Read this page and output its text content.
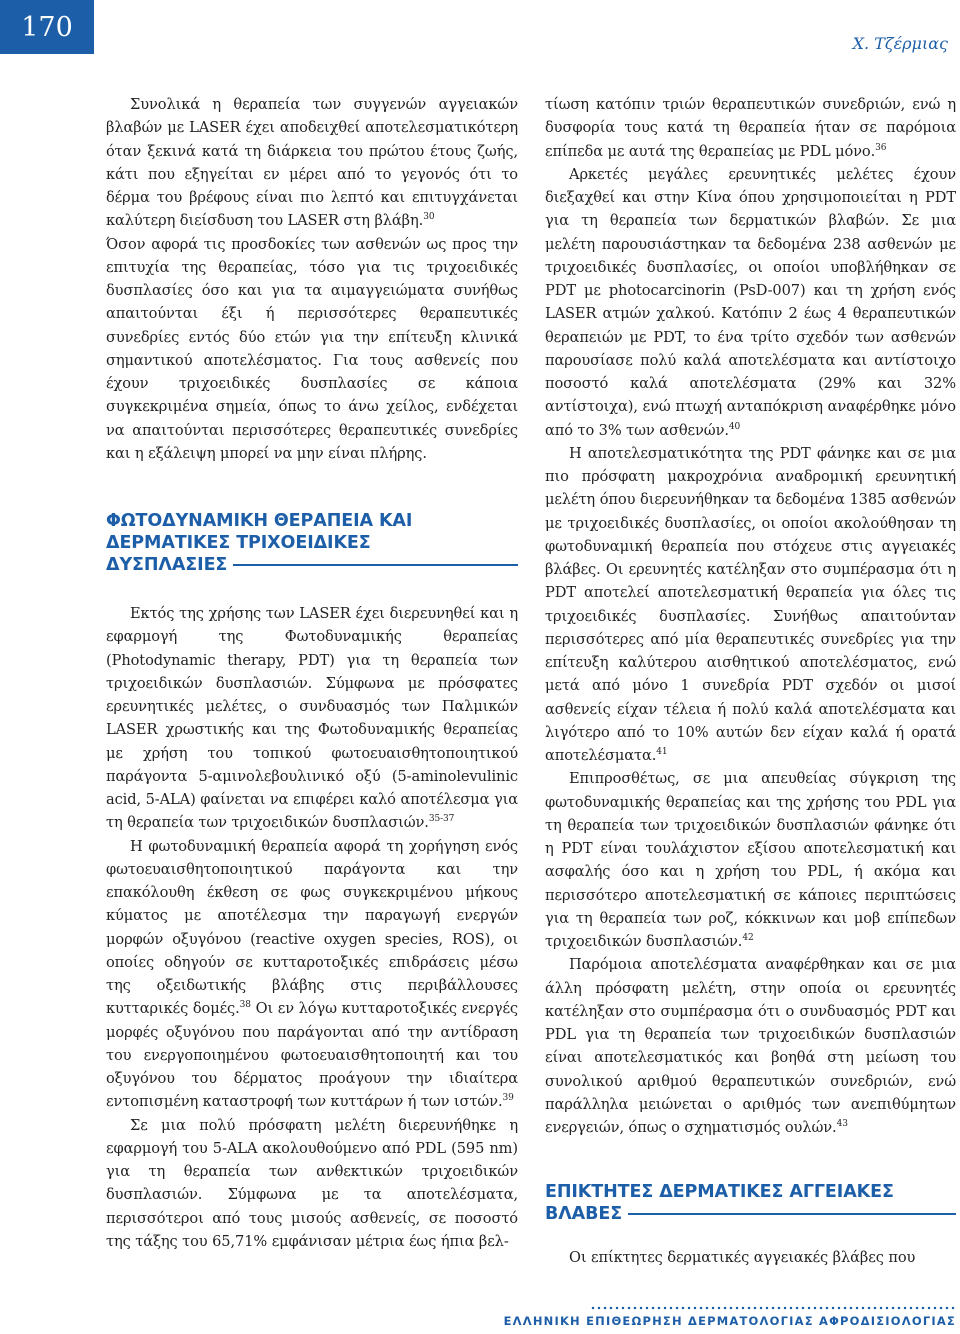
170
Χ. Τζέρμιας

Συνολικά η θεραπεία των συγγενών αγγειακών βλαβών με LASER έχει αποδειχθεί αποτελεσματικότερη όταν ξεκινά κατά τη διάρκεια του πρώτου έτους ζωής, κάτι που εξηγείται εν μέρει από το γεγονός ότι το δέρμα του βρέφους είναι πιο λεπτό και επιτυγχάνεται καλύτερη διείσδυση του LASER στη βλάβη.$^{30}$

Όσον αφορά τις προσδοκίες των ασθενών ως προς την επιτυχία της θεραπείας, τόσο για τις τριχοειδικές δυσπλασίες όσο και για τα αιμαγγειώματα συνήθως απαιτούνται έξι ή περισσότερες θεραπευτικές συνεδρίες εντός δύο ετών για την επίτευξη κλινικά σημαντικού αποτελέσματος. Για τους ασθενείς που έχουν τριχοειδικές δυσπλασίες σε κάποια συγκεκριμένα σημεία, όπως το άνω χείλος, ενδέχεται να απαιτούνται περισσότερες θεραπευτικές συνεδρίες και η εξάλειψη μπορεί να μην είναι πλήρης.

ΦΩΤΟΔΥΝΑΜΙΚΗ ΘΕΡΑΠΕΙΑ ΚΑΙ
ΔΕΡΜΑΤΙΚΕΣ ΤΡΙΧΟΕΙΔΙΚΕΣ
ΔΥΣΠΛΑΣΙΕΣ

Εκτός της χρήσης των LASER έχει διερευνηθεί και η εφαρμογή της Φωτοδυναμικής θεραπείας (Photodynamic therapy, PDT) για τη θεραπεία των τριχοειδικών δυσπλασιών. Σύμφωνα με πρόσφατες ερευνητικές μελέτες, ο συνδυασμός των Παλμικών LASER χρωστικής και της Φωτοδυναμικής θεραπείας με χρήση του τοπικού φωτοευαισθητοποιητικού παράγοντα 5-αμινολεβουλινικό οξύ (5-aminolevulinic acid, 5-ALA) φαίνεται να επιφέρει καλό αποτέλεσμα για τη θεραπεία των τριχοειδικών δυσπλασιών.$^{35-37}$

Η φωτοδυναμική θεραπεία αφορά τη χορήγηση ενός φωτοευαισθητοποιητικού παράγοντα και την επακόλουθη έκθεση σε φως συγκεκριμένου μήκους κύματος με αποτέλεσμα την παραγωγή ενεργών μορφών οξυγόνου (reactive oxygen species, ROS), οι οποίες οδηγούν σε κυτταροτοξικές επιδράσεις μέσω της οξειδωτικής βλάβης στις περιβάλλουσες κυτταρικές δομές.$^{38}$ Οι εν λόγω κυτταροτοξικές ενεργές μορφές οξυγόνου που παράγονται από την αντίδραση του ενεργοποιημένου φωτοευαισθητοποιητή και του οξυγόνου του δέρματος προάγουν την ιδιαίτερα εντοπισμένη καταστροφή των κυττάρων ή των ιστών.$^{39}$

Σε μια πολύ πρόσφατη μελέτη διερευνήθηκε η εφαρμογή του 5-ALA ακολουθούμενο από PDL (595 nm) για τη θεραπεία των ανθεκτικών τριχοειδικών δυσπλασιών. Σύμφωνα με τα αποτελέσματα, περισσότεροι από τους μισούς ασθενείς, σε ποσοστό της τάξης του 65,71% εμφάνισαν μέτρια έως ήπια βελ-

τίωση κατόπιν τριών θεραπευτικών συνεδριών, ενώ η δυσφορία τους κατά τη θεραπεία ήταν σε παρόμοια επίπεδα με αυτά της θεραπείας με PDL μόνο.$^{36}$

Αρκετές μεγάλες ερευνητικές μελέτες έχουν διεξαχθεί και στην Κίνα όπου χρησιμοποιείται η PDT για τη θεραπεία των δερματικών βλαβών. Σε μια μελέτη παρουσιάστηκαν τα δεδομένα 238 ασθενών με τριχοειδικές δυσπλασίες, οι οποίοι υποβλήθηκαν σε PDT με photocarcinorin (PsD-007) και τη χρήση ενός LASER ατμών χαλκού. Κατόπιν 2 έως 4 θεραπευτικών θεραπειών με PDT, το ένα τρίτο σχεδόν των ασθενών παρουσίασε πολύ καλά αποτελέσματα και αντίστοιχο ποσοστό καλά αποτελέσματα (29% και 32% αντίστοιχα), ενώ πτωχή ανταπόκριση αναφέρθηκε μόνο από το 3% των ασθενών.$^{40}$

Η αποτελεσματικότητα της PDT φάνηκε και σε μια πιο πρόσφατη μακροχρόνια αναδρομική ερευνητική μελέτη όπου διερευνήθηκαν τα δεδομένα 1385 ασθενών με τριχοειδικές δυσπλασίες, οι οποίοι ακολούθησαν τη φωτοδυναμική θεραπεία που στόχευε στις αγγειακές βλάβες. Οι ερευνητές κατέληξαν στο συμπέρασμα ότι η PDT αποτελεί αποτελεσματική θεραπεία για όλες τις τριχοειδικές δυσπλασίες. Συνήθως απαιτούνταν περισσότερες από μία θεραπευτικές συνεδρίες για την επίτευξη καλύτερου αισθητικού αποτελέσματος, ενώ μετά από μόνο 1 συνεδρία PDT σχεδόν οι μισοί ασθενείς είχαν τέλεια ή πολύ καλά αποτελέσματα και λιγότερο από το 10% αυτών δεν είχαν καλά ή ορατά αποτελέσματα.$^{41}$

Επιπροσθέτως, σε μια απευθείας σύγκριση της φωτοδυναμικής θεραπείας και της χρήσης του PDL για τη θεραπεία των τριχοειδικών δυσπλασιών φάνηκε ότι η PDT είναι τουλάχιστον εξίσου αποτελεσματική και ασφαλής όσο και η χρήση του PDL, ή ακόμα και περισσότερο αποτελεσματική σε κάποιες περιπτώσεις για τη θεραπεία των ροζ, κόκκινων και μοβ επίπεδων τριχοειδικών δυσπλασιών.$^{42}$

Παρόμοια αποτελέσματα αναφέρθηκαν και σε μια άλλη πρόσφατη μελέτη, στην οποία οι ερευνητές κατέληξαν στο συμπέρασμα ότι ο συνδυασμός PDT και PDL για τη θεραπεία των τριχοειδικών δυσπλασιών είναι αποτελεσματικός και βοηθά στη μείωση του συνολικού αριθμού θεραπευτικών συνεδριών, ενώ παράλληλα μειώνεται ο αριθμός των ανεπιθύμητων ενεργειών, όπως ο σχηματισμός ουλών.$^{43}$

ΕΠΙΚΤΗΤΕΣ ΔΕΡΜΑΤΙΚΕΣ ΑΓΓΕΙΑΚΕΣ
ΒΛΑΒΕΣ

Οι επίκτητες δερματικές αγγειακές βλάβες που

ΕΛΛΗΝΙΚΗ ΕΠΙΘΕΩΡΗΣΗ ΔΕΡΜΑΤΟΛΟΓΙΑΣ ΑΦΡΟΔΙΣΙΟΛΟΓΙΑΣ
